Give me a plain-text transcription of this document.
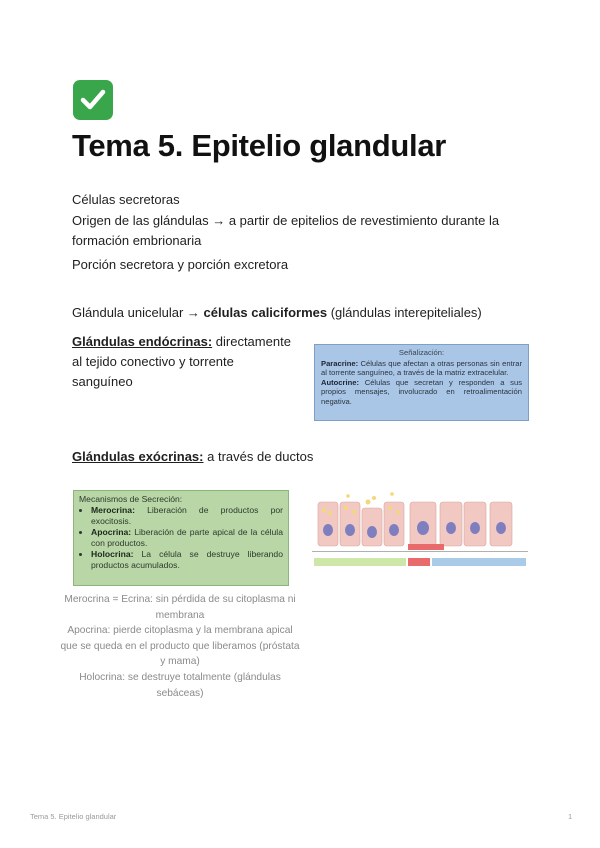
Tema 5. Epitelio glandular
Células secretoras
Origen de las glándulas → a partir de epitelios de revestimiento durante la formación embrionaria
Porción secretora y porción excretora
Glándula unicelular → células caliciformes (glándulas interepiteliales)
Glándulas endócrinas: directamente al tejido conectivo y torrente sanguíneo
Señalización:
Paracrine: Células que afectan a otras personas sin entrar al torrente sanguíneo, a través de la matriz extracelular.
Autocrine: Células que secretan y responden a sus propios mensajes, involucrado en retroalimentación negativa.
Glándulas exócrinas: a través de ductos
Mecanismos de Secreción:
• Merocrina: Liberación de productos por exocitosis.
• Apocrina: Liberación de parte apical de la célula con productos.
• Holocrina: La célula se destruye liberando productos acumulados.
Merocrina = Ecrina: sin pérdida de su citoplasma ni membrana
Apocrina: pierde citoplasma y la membrana apical que se queda en el producto que liberamos (próstata y mama)
Holocrina: se destruye totalmente (glándulas sebáceas)
Tema 5. Epitelio glandular	1
